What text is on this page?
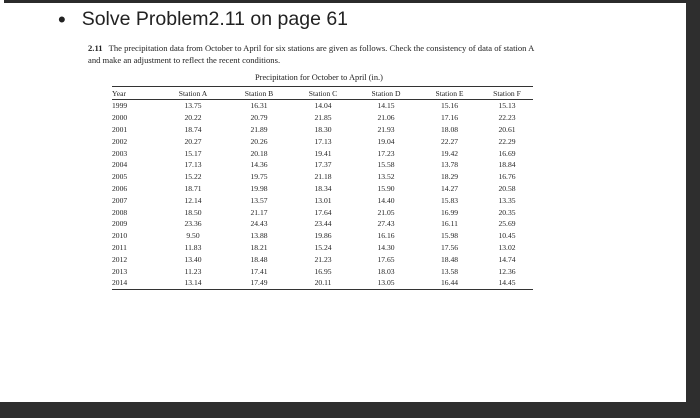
• Solve Problem2.11 on page 61
2.11 The precipitation data from October to April for six stations are given as follows. Check the consistency of data of station A and make an adjustment to reflect the recent conditions.
Precipitation for October to April (in.)
Year	Station A	Station B	Station C	Station D	Station E	Station F
1999	13.75	16.31	14.04	14.15	15.16	15.13
2000	20.22	20.79	21.85	21.06	17.16	22.23
2001	18.74	21.89	18.30	21.93	18.08	20.61
2002	20.27	20.26	17.13	19.04	22.27	22.29
2003	15.17	20.18	19.41	17.23	19.42	16.69
2004	17.13	14.36	17.37	15.58	13.78	18.84
2005	15.22	19.75	21.18	13.52	18.29	16.76
2006	18.71	19.98	18.34	15.90	14.27	20.58
2007	12.14	13.57	13.01	14.40	15.83	13.35
2008	18.50	21.17	17.64	21.05	16.99	20.35
2009	23.36	24.43	23.44	27.43	16.11	25.69
2010	9.50	13.88	19.86	16.16	15.98	10.45
2011	11.83	18.21	15.24	14.30	17.56	13.02
2012	13.40	18.48	21.23	17.65	18.48	14.74
2013	11.23	17.41	16.95	18.03	13.58	12.36
2014	13.14	17.49	20.11	13.05	16.44	14.45
